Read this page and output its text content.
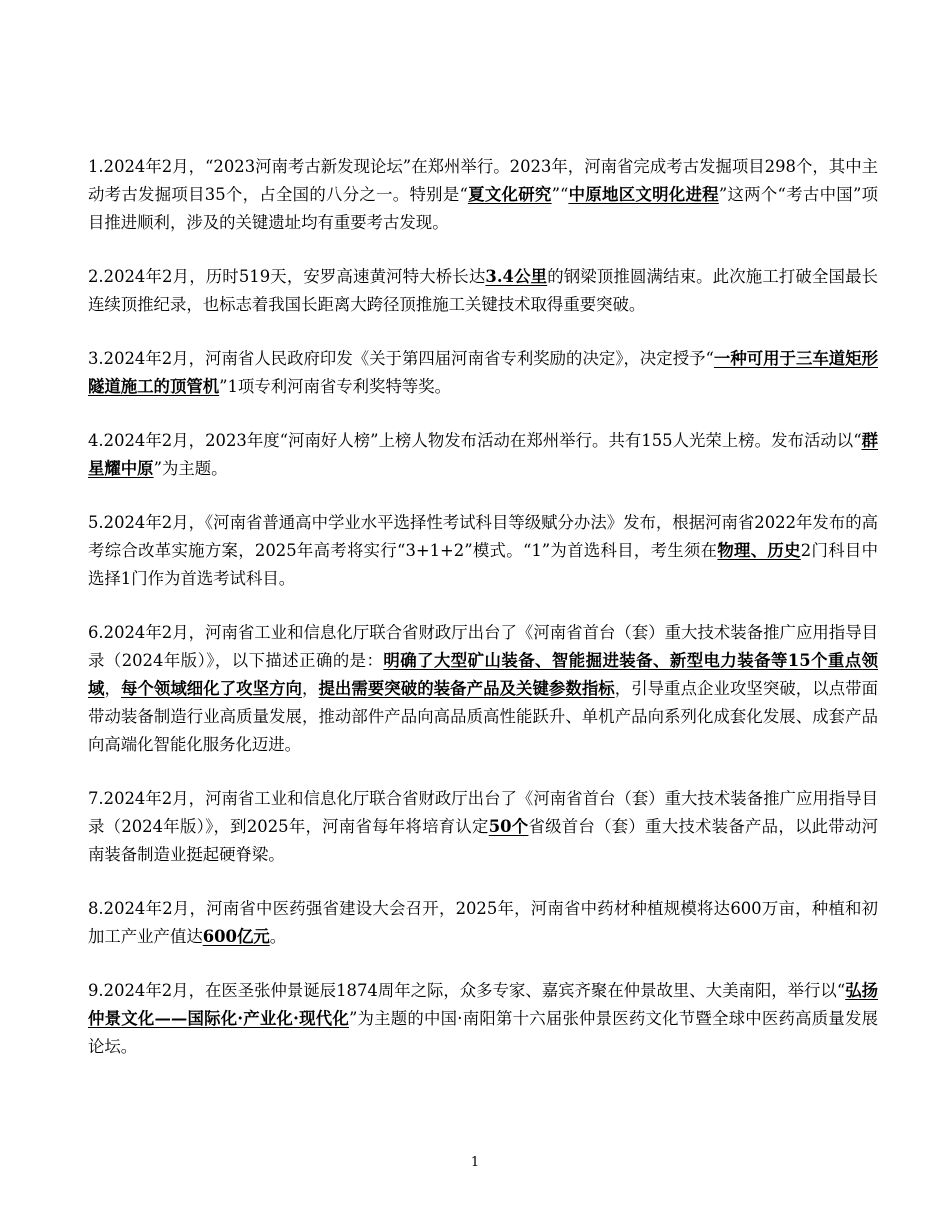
1.2024年2月，“2023河南考古新发现论坛”在郑州举行。2023年，河南省完成考古发掘项目298个，其中主动考古发掘项目35个，占全国的八分之一。特别是“夏文化研究”“中原地区文明化进程”这两个“考古中国”项目推进顺利，涉及的关键遗址均有重要考古发现。

2.2024年2月，历时519天，安罗高速黄河特大桥长达3.4公里的钢梁顶推圆满结束。此次施工打破全国最长连续顶推纪录，也标志着我国长距离大跨径顶推施工关键技术取得重要突破。

3.2024年2月，河南省人民政府印发《关于第四届河南省专利奖励的决定》，决定授予“一种可用于三车道矩形隧道施工的顶管机”1项专利河南省专利奖特等奖。

4.2024年2月，2023年度“河南好人榜”上榜人物发布活动在郑州举行。共有155人光荣上榜。发布活动以“群星耀中原”为主题。

5.2024年2月，《河南省普通高中学业水平选择性考试科目等级赋分办法》发布，根据河南省2022年发布的高考综合改革实施方案，2025年高考将实行“3+1+2”模式。“1”为首选科目，考生须在物理、历史2门科目中选择1门作为首选考试科目。

6.2024年2月，河南省工业和信息化厅联合省财政厅出台了《河南省首台（套）重大技术装备推广应用指导目录（2024年版）》，以下描述正确的是：明确了大型矿山装备、智能掘进装备、新型电力装备等15个重点领域，每个领域细化了攻坚方向，提出需要突破的装备产品及关键参数指标，引导重点企业攻坚突破，以点带面带动装备制造行业高质量发展，推动部件产品向高品质高性能跃升、单机产品向系列化成套化发展、成套产品向高端化智能化服务化迈进。

7.2024年2月，河南省工业和信息化厅联合省财政厅出台了《河南省首台（套）重大技术装备推广应用指导目录（2024年版）》，到2025年，河南省每年将培育认定50个省级首台（套）重大技术装备产品，以此带动河南装备制造业挺起硬脊梁。

8.2024年2月，河南省中医药强省建设大会召开，2025年，河南省中药材种植规模将达600万亩，种植和初加工产业产值达600亿元。

9.2024年2月，在医圣张仲景诞辰1874周年之际，众多专家、嘉宾齐聚在仲景故里、大美南阳，举行以“弘扬仲景文化——国际化·产业化·现代化”为主题的中国·南阳第十六届张仲景医药文化节暨全球中医药高质量发展论坛。

1
